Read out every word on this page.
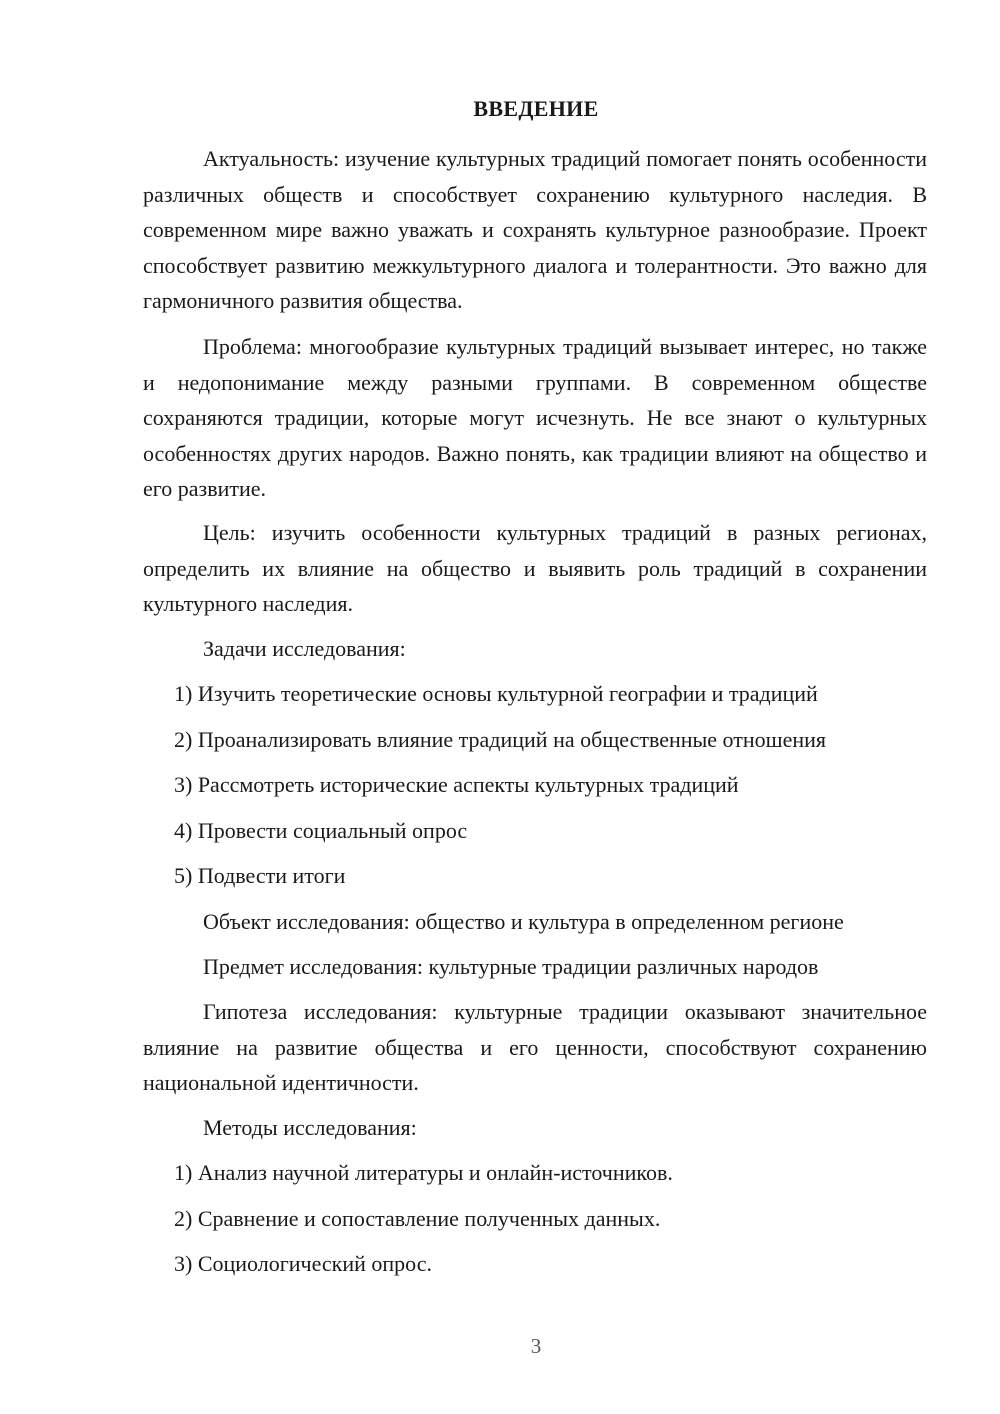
ВВЕДЕНИЕ

Актуальность: изучение культурных традиций помогает понять особенности различных обществ и способствует сохранению культурного наследия. В современном мире важно уважать и сохранять культурное разнообразие. Проект способствует развитию межкультурного диалога и толерантности. Это важно для гармоничного развития общества.

Проблема: многообразие культурных традиций вызывает интерес, но также и недопонимание между разными группами. В современном обществе сохраняются традиции, которые могут исчезнуть. Не все знают о культурных особенностях других народов. Важно понять, как традиции влияют на общество и его развитие.

Цель: изучить особенности культурных традиций в разных регионах, определить их влияние на общество и выявить роль традиций в сохранении культурного наследия.

Задачи исследования:

1) Изучить теоретические основы культурной географии и традиций

2) Проанализировать влияние традиций на общественные отношения

3) Рассмотреть исторические аспекты культурных традиций

4) Провести социальный опрос

5) Подвести итоги

Объект исследования: общество и культура в определенном регионе

Предмет исследования: культурные традиции различных народов

Гипотеза исследования: культурные традиции оказывают значительное влияние на развитие общества и его ценности, способствуют сохранению национальной идентичности.

Методы исследования:

1) Анализ научной литературы и онлайн-источников.

2) Сравнение и сопоставление полученных данных.

3) Социологический опрос.

3
